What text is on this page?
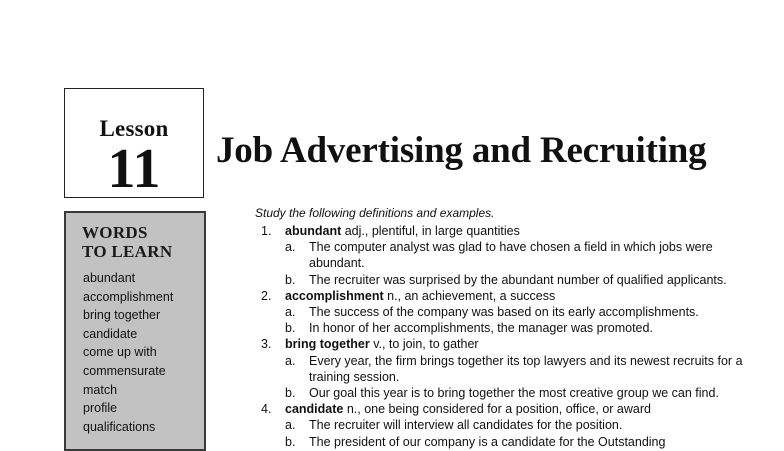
Lesson
11	Job Advertising and Recruiting
WORDS
TO LEARN
abundant
accomplishment
bring together
candidate
come up with
commensurate
match
profile
qualifications
Study the following definitions and examples.
1.	abundant adj., plentiful, in large quantities
a.	The computer analyst was glad to have chosen a field in which jobs were abundant.
b.	The recruiter was surprised by the abundant number of qualified applicants.
2.	accomplishment n., an achievement, a success
a.	The success of the company was based on its early accomplishments.
b.	In honor of her accomplishments, the manager was promoted.
3.	bring together v., to join, to gather
a.	Every year, the firm brings together its top lawyers and its newest recruits for a training session.
b.	Our goal this year is to bring together the most creative group we can find.
4.	candidate n., one being considered for a position, office, or award
a.	The recruiter will interview all candidates for the position.
b.	The president of our company is a candidate for the Outstanding
